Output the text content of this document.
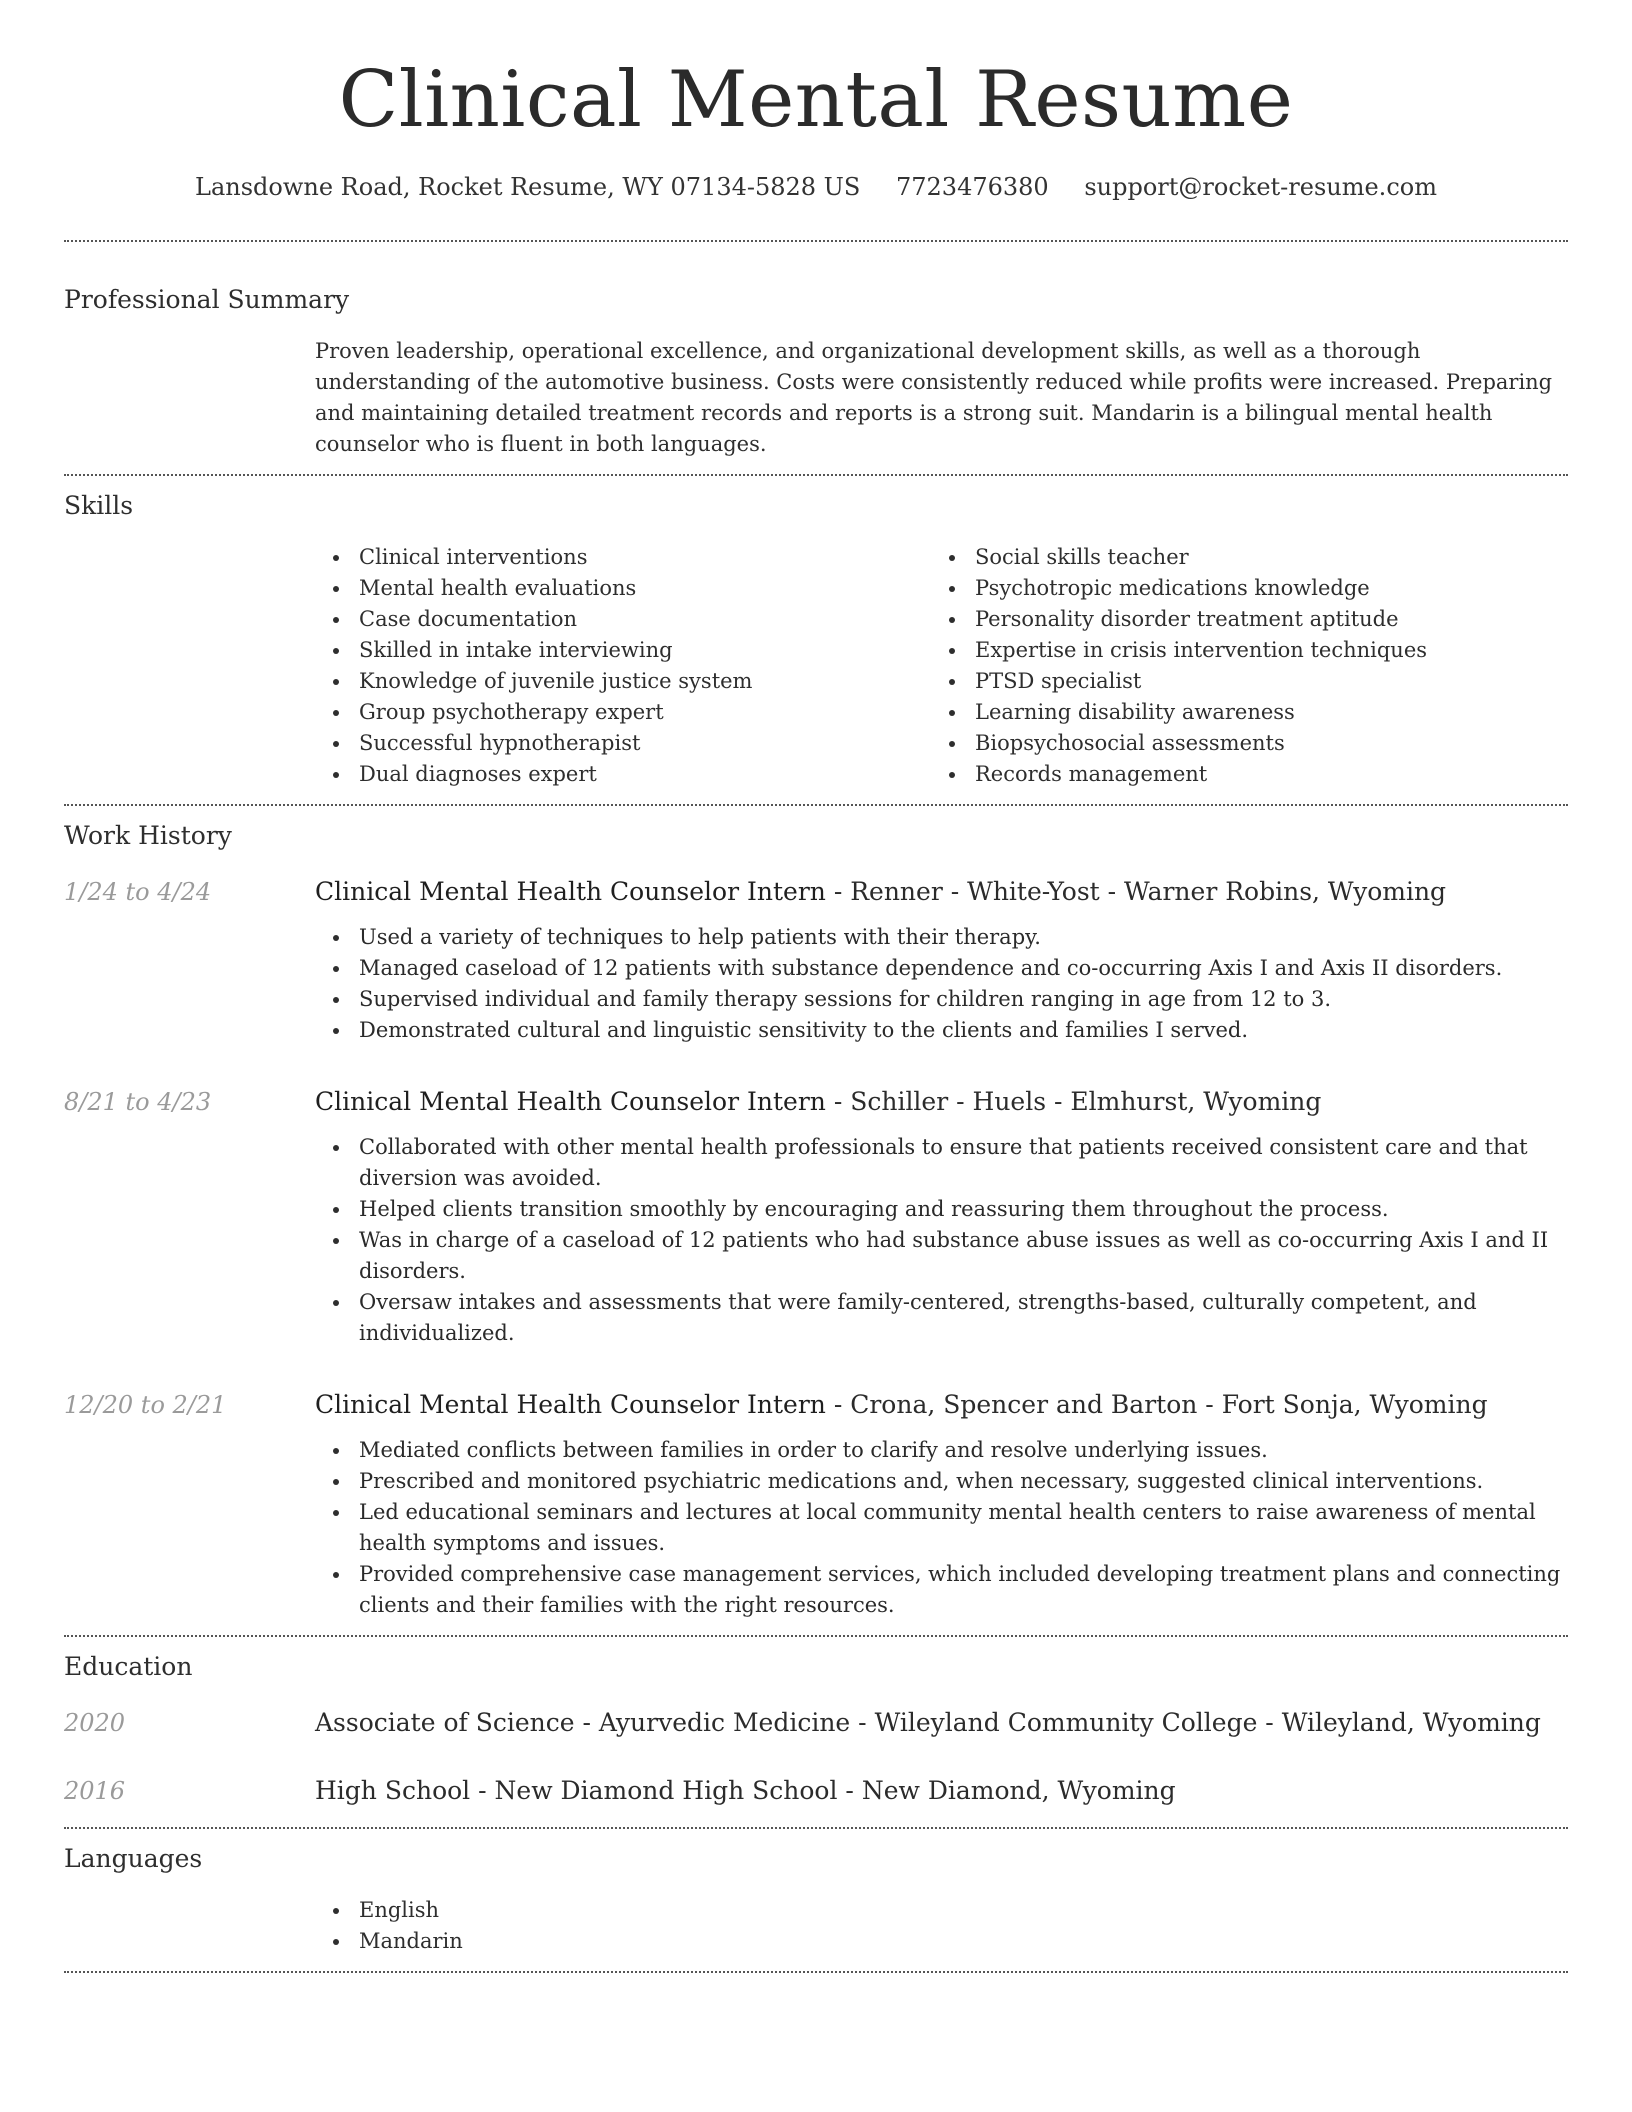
Clinical Mental Resume
Lansdowne Road, Rocket Resume, WY 07134-5828 US 7723476380 support@rocket-resume.com
Professional Summary
Proven leadership, operational excellence, and organizational development skills, as well as a thorough understanding of the automotive business. Costs were consistently reduced while profits were increased. Preparing and maintaining detailed treatment records and reports is a strong suit. Mandarin is a bilingual mental health counselor who is fluent in both languages.
Skills
Clinical interventions
Mental health evaluations
Case documentation
Skilled in intake interviewing
Knowledge of juvenile justice system
Group psychotherapy expert
Successful hypnotherapist
Dual diagnoses expert
Social skills teacher
Psychotropic medications knowledge
Personality disorder treatment aptitude
Expertise in crisis intervention techniques
PTSD specialist
Learning disability awareness
Biopsychosocial assessments
Records management
Work History
1/24 to 4/24	Clinical Mental Health Counselor Intern - Renner - White-Yost - Warner Robins, Wyoming
Used a variety of techniques to help patients with their therapy.
Managed caseload of 12 patients with substance dependence and co-occurring Axis I and Axis II disorders.
Supervised individual and family therapy sessions for children ranging in age from 12 to 3.
Demonstrated cultural and linguistic sensitivity to the clients and families I served.
8/21 to 4/23	Clinical Mental Health Counselor Intern - Schiller - Huels - Elmhurst, Wyoming
Collaborated with other mental health professionals to ensure that patients received consistent care and that diversion was avoided.
Helped clients transition smoothly by encouraging and reassuring them throughout the process.
Was in charge of a caseload of 12 patients who had substance abuse issues as well as co-occurring Axis I and II disorders.
Oversaw intakes and assessments that were family-centered, strengths-based, culturally competent, and individualized.
12/20 to 2/21	Clinical Mental Health Counselor Intern - Crona, Spencer and Barton - Fort Sonja, Wyoming
Mediated conflicts between families in order to clarify and resolve underlying issues.
Prescribed and monitored psychiatric medications and, when necessary, suggested clinical interventions.
Led educational seminars and lectures at local community mental health centers to raise awareness of mental health symptoms and issues.
Provided comprehensive case management services, which included developing treatment plans and connecting clients and their families with the right resources.
Education
2020	Associate of Science - Ayurvedic Medicine - Wileyland Community College - Wileyland, Wyoming
2016	High School - New Diamond High School - New Diamond, Wyoming
Languages
English
Mandarin
